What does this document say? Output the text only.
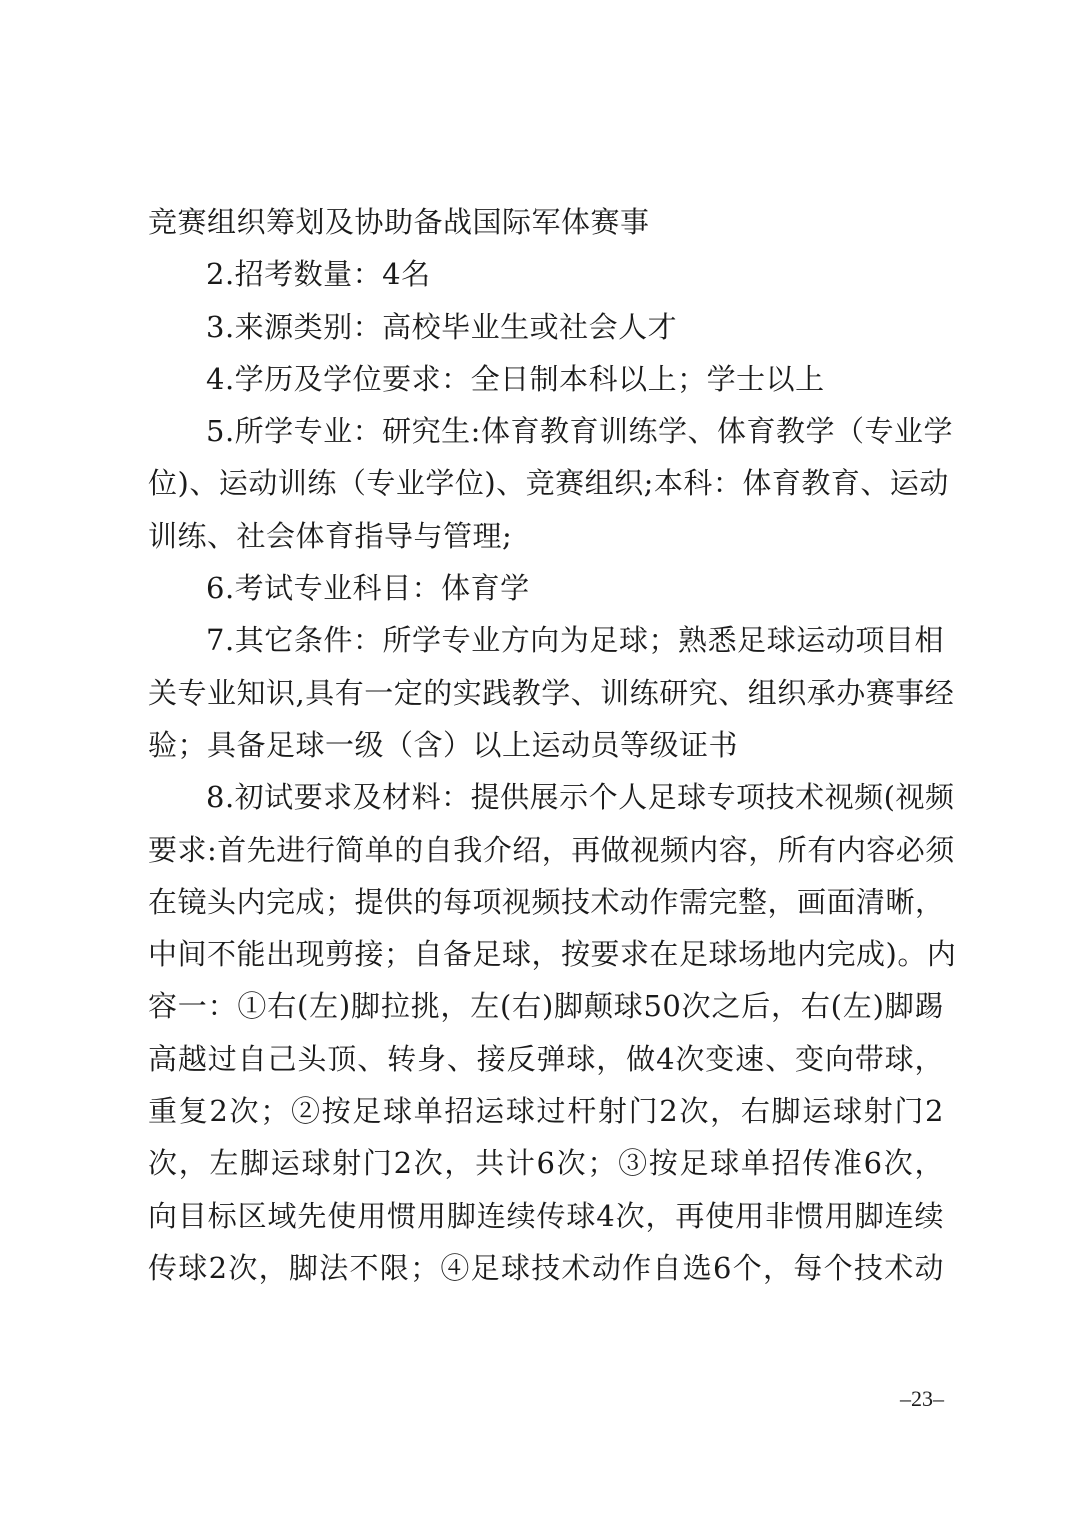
竞赛组织筹划及协助备战国际军体赛事
2.招考数量：4名
3.来源类别：高校毕业生或社会人才
4.学历及学位要求：全日制本科以上；学士以上
5.所学专业：研究生:体育教育训练学、体育教学（专业学
位)、运动训练（专业学位)、竞赛组织;本科：体育教育、运动
训练、社会体育指导与管理;
6.考试专业科目：体育学
7.其它条件：所学专业方向为足球；熟悉足球运动项目相
关专业知识,具有一定的实践教学、训练研究、组织承办赛事经
验；具备足球一级（含）以上运动员等级证书
8.初试要求及材料：提供展示个人足球专项技术视频(视频
要求:首先进行简单的自我介绍，再做视频内容，所有内容必须
在镜头内完成；提供的每项视频技术动作需完整，画面清晰，
中间不能出现剪接；自备足球，按要求在足球场地内完成)。内
容一：①右(左)脚拉挑，左(右)脚颠球50次之后，右(左)脚踢
高越过自己头顶、转身、接反弹球，做4次变速、变向带球，
重复2次；②按足球单招运球过杆射门2次，右脚运球射门2
次，左脚运球射门2次，共计6次；③按足球单招传准6次，
向目标区域先使用惯用脚连续传球4次，再使用非惯用脚连续
传球2次，脚法不限；④足球技术动作自选6个，每个技术动
–23–
